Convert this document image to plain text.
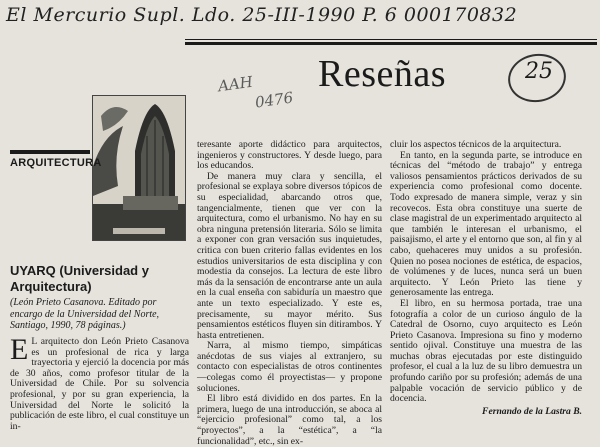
El Mercurio Supl. Ldo. 25-III-1990 P. 6 000170832
AAH
0476
Reseñas	25
ARQUITECTURA
UYARQ (Universidad y Arquitectura)
(León Prieto Casanova. Editado por encargo de la Universidad del Norte, Santiago, 1990, 78 páginas.)

E L arquitecto don León Prieto Casanova es un profesional de rica y larga trayectoria y ejerció la docencia por más de 30 años, como profesor titular de la Universidad de Chile. Por su solvencia profesional, y por su gran experiencia, la Universidad del Norte le solicitó la publicación de este libro, el cual constituye un in-

teresante aporte didáctico para arquitectos, ingenieros y constructores. Y desde luego, para los educandos.

De manera muy clara y sencilla, el profesional se explaya sobre diversos tópicos de su especialidad, abarcando otros que, tangencialmente, tienen que ver con la arquitectura, como el urbanismo. No hay en su obra ninguna pretensión literaria. Sólo se limita a exponer con gran versación sus inquietudes, critica con buen criterio fallas evidentes en los estudios universitarios de esta disciplina y con modestia da consejos. La lectura de este libro más da la sensación de encontrarse ante un aula en la cual enseña con sabiduría un maestro que ante un texto especializado. Y este es, precisamente, su mayor mérito. Sus pensamientos estéticos fluyen sin ditirambos. Y hasta entretienen.

Narra, al mismo tiempo, simpáticas anécdotas de sus viajes al extranjero, su contacto con especialistas de otros continentes —colegas como él proyectistas— y propone soluciones.

El libro está dividido en dos partes. En la primera, luego de una introducción, se aboca al “ejercicio profesional” como tal, a los “proyectos”, a la “estética”, a “la funcionalidad”, etc., sin ex-

cluir los aspectos técnicos de la arquitectura.

En tanto, en la segunda parte, se introduce en técnicas del “método de trabajo” y entrega valiosos pensamientos prácticos derivados de su experiencia como profesional como docente. Todo expresado de manera simple, veraz y sin recovecos. Esta obra constituye una suerte de clase magistral de un experimentado arquitecto al que también le interesan el urbanismo, el paisajismo, el arte y el entorno que son, al fin y al cabo, quehaceres muy unidos a su profesión. Quien no posea nociones de estética, de espacios, de volúmenes y de luces, nunca será un buen arquitecto. Y León Prieto las tiene y generosamente las entrega.

El libro, en su hermosa portada, trae una fotografía a color de un curioso ángulo de la Catedral de Osorno, cuyo arquitecto es León Prieto Casanova. Impresiona su fino y moderno sentido ojival. Constituye una muestra de las muchas obras ejecutadas por este distinguido profesor, el cual a la luz de su libro demuestra un profundo cariño por su profesión; además de una palpable vocación de servicio público y de docencia.

Fernando de la Lastra B.
